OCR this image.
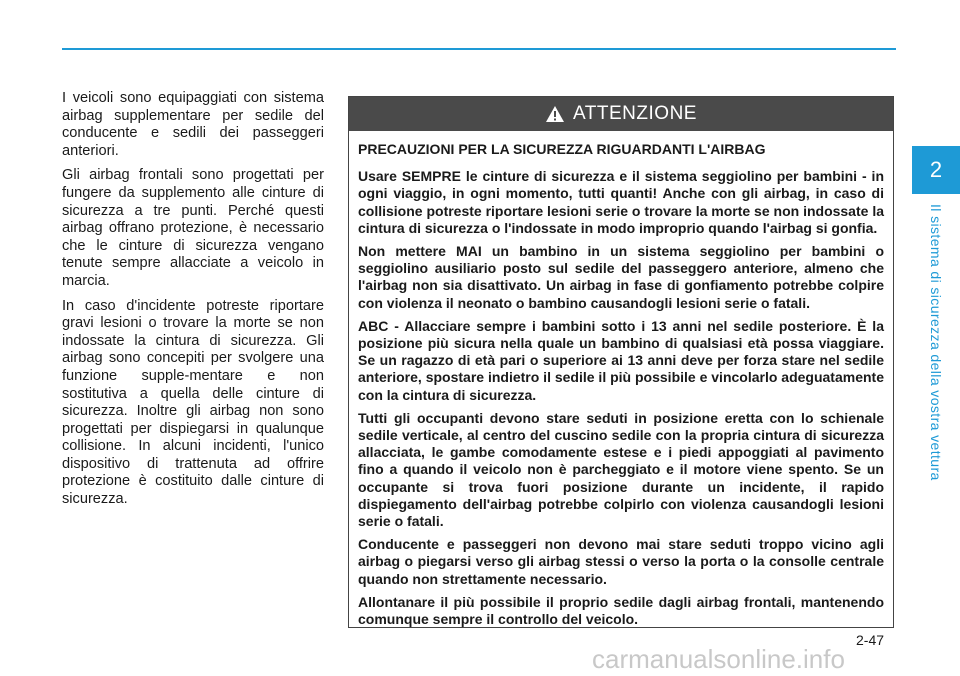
2
Il sistema di sicurezza della vostra vettura

I veicoli sono equipaggiati con sistema airbag supplementare per sedile del conducente e sedili dei passeggeri anteriori.

Gli airbag frontali sono progettati per fungere da supplemento alle cinture di sicurezza a tre punti. Perché questi airbag offrano protezione, è necessario che le cinture di sicurezza vengano tenute sempre allacciate a veicolo in marcia.

In caso d'incidente potreste riportare gravi lesioni o trovare la morte se non indossate la cintura di sicurezza. Gli airbag sono concepiti per svolgere una funzione supple-mentare e non sostitutiva a quella delle cinture di sicurezza. Inoltre gli airbag non sono progettati per dispiegarsi in qualunque collisione. In alcuni incidenti, l'unico dispositivo di trattenuta ad offrire protezione è costituito dalle cinture di sicurezza.

ATTENZIONE

PRECAUZIONI PER LA SICUREZZA RIGUARDANTI L'AIRBAG

Usare SEMPRE le cinture di sicurezza e il sistema seggiolino per bambini - in ogni viaggio, in ogni momento, tutti quanti! Anche con gli airbag, in caso di collisione potreste riportare lesioni serie o trovare la morte se non indossate la cintura di sicurezza o l'indossate in modo improprio quando l'airbag si gonfia.

Non mettere MAI un bambino in un sistema seggiolino per bambini o seggiolino ausiliario posto sul sedile del passeggero anteriore, almeno che l'airbag non sia disattivato. Un airbag in fase di gonfiamento potrebbe colpire con violenza il neonato o bambino causandogli lesioni serie o fatali.

ABC - Allacciare sempre i bambini sotto i 13 anni nel sedile posteriore. È la posizione più sicura nella quale un bambino di qualsiasi età possa viaggiare. Se un ragazzo di età pari o superiore ai 13 anni deve per forza stare nel sedile anteriore, spostare indietro il sedile il più possibile e vincolarlo adeguatamente con la cintura di sicurezza.

Tutti gli occupanti devono stare seduti in posizione eretta con lo schienale sedile verticale, al centro del cuscino sedile con la propria cintura di sicurezza allacciata, le gambe comodamente estese e i piedi appoggiati al pavimento fino a quando il veicolo non è parcheggiato e il motore viene spento. Se un occupante si trova fuori posizione durante un incidente, il rapido dispiegamento dell'airbag potrebbe colpirlo con violenza causandogli lesioni serie o fatali.

Conducente e passeggeri non devono mai stare seduti troppo vicino agli airbag o piegarsi verso gli airbag stessi o verso la porta o la consolle centrale quando non strettamente necessario.

Allontanare il più possibile il proprio sedile dagli airbag frontali, mantenendo comunque sempre il controllo del veicolo.

2-47
carmanualsonline.info
